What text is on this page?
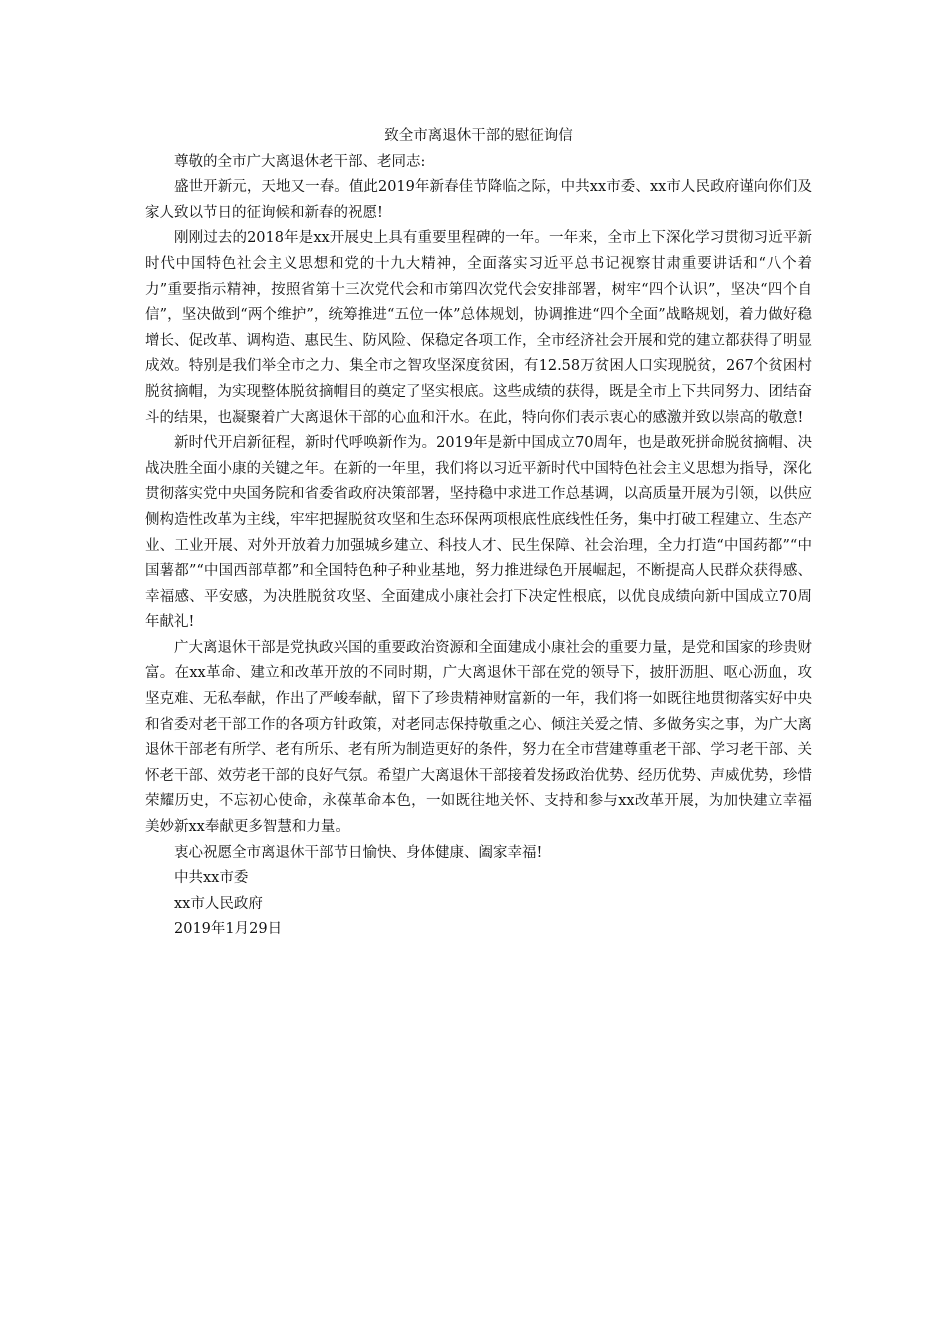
致全市离退休干部的慰征询信

尊敬的全市广大离退休老干部、老同志:

盛世开新元，天地又一春。值此2019年新春佳节降临之际，中共xx市委、xx市人民政府谨向你们及家人致以节日的征询候和新春的祝愿!

刚刚过去的2018年是xx开展史上具有重要里程碑的一年。一年来，全市上下深化学习贯彻习近平新时代中国特色社会主义思想和党的十九大精神，全面落实习近平总书记视察甘肃重要讲话和“八个着力”重要指示精神，按照省第十三次党代会和市第四次党代会安排部署，树牢“四个认识”，坚决“四个自信”，坚决做到“两个维护”，统筹推进“五位一体”总体规划，协调推进“四个全面”战略规划，着力做好稳增长、促改革、调构造、惠民生、防风险、保稳定各项工作，全市经济社会开展和党的建立都获得了明显成效。特别是我们举全市之力、集全市之智攻坚深度贫困，有12.58万贫困人口实现脱贫，267个贫困村脱贫摘帽，为实现整体脱贫摘帽目的奠定了坚实根底。这些成绩的获得，既是全市上下共同努力、团结奋斗的结果，也凝聚着广大离退休干部的心血和汗水。在此，特向你们表示衷心的感激并致以崇高的敬意!

新时代开启新征程，新时代呼唤新作为。2019年是新中国成立70周年，也是敢死拼命脱贫摘帽、决战决胜全面小康的关键之年。在新的一年里，我们将以习近平新时代中国特色社会主义思想为指导，深化贯彻落实党中央国务院和省委省政府决策部署，坚持稳中求进工作总基调，以高质量开展为引领，以供应侧构造性改革为主线，牢牢把握脱贫攻坚和生态环保两项根底性底线性任务，集中打破工程建立、生态产业、工业开展、对外开放着力加强城乡建立、科技人才、民生保障、社会治理，全力打造“中国药都”“中国薯都”“中国西部草都”和全国特色种子种业基地，努力推进绿色开展崛起，不断提高人民群众获得感、幸福感、平安感，为决胜脱贫攻坚、全面建成小康社会打下决定性根底，以优良成绩向新中国成立70周年献礼!

广大离退休干部是党执政兴国的重要政治资源和全面建成小康社会的重要力量，是党和国家的珍贵财富。在xx革命、建立和改革开放的不同时期，广大离退休干部在党的领导下，披肝沥胆、呕心沥血，攻坚克难、无私奉献，作出了严峻奉献，留下了珍贵精神财富新的一年，我们将一如既往地贯彻落实好中央和省委对老干部工作的各项方针政策，对老同志保持敬重之心、倾注关爱之情、多做务实之事，为广大离退休干部老有所学、老有所乐、老有所为制造更好的条件，努力在全市营建尊重老干部、学习老干部、关怀老干部、效劳老干部的良好气氛。希望广大离退休干部接着发扬政治优势、经历优势、声威优势，珍惜荣耀历史，不忘初心使命，永葆革命本色，一如既往地关怀、支持和参与xx改革开展，为加快建立幸福美妙新xx奉献更多智慧和力量。

衷心祝愿全市离退休干部节日愉快、身体健康、阖家幸福!

中共xx市委

xx市人民政府

2019年1月29日
